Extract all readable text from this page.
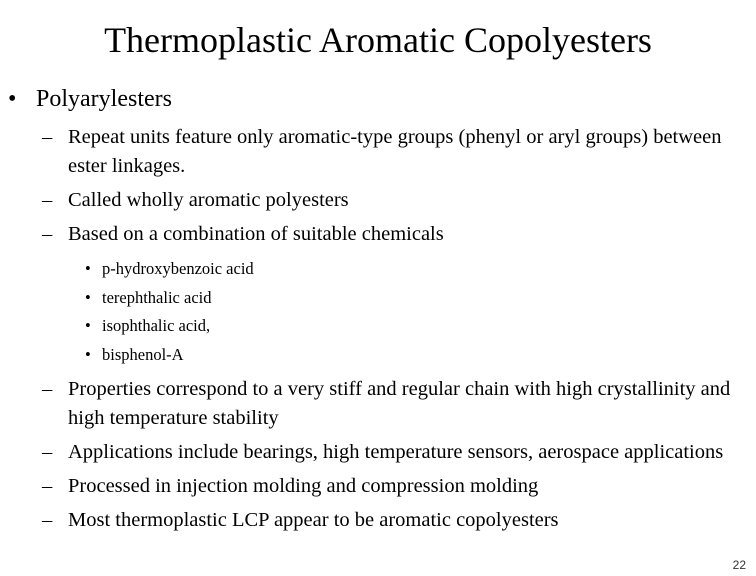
Thermoplastic Aromatic Copolyesters
• Polyarylesters
– Repeat units feature only aromatic-type groups (phenyl or aryl groups) between ester linkages.
– Called wholly aromatic polyesters
– Based on a combination of suitable chemicals
• p-hydroxybenzoic acid
• terephthalic acid
• isophthalic acid,
• bisphenol-A
– Properties correspond to a very stiff and regular chain with high crystallinity and high temperature stability
– Applications include bearings, high temperature sensors, aerospace applications
– Processed in injection molding and compression molding
– Most thermoplastic LCP appear to be aromatic copolyesters
22
